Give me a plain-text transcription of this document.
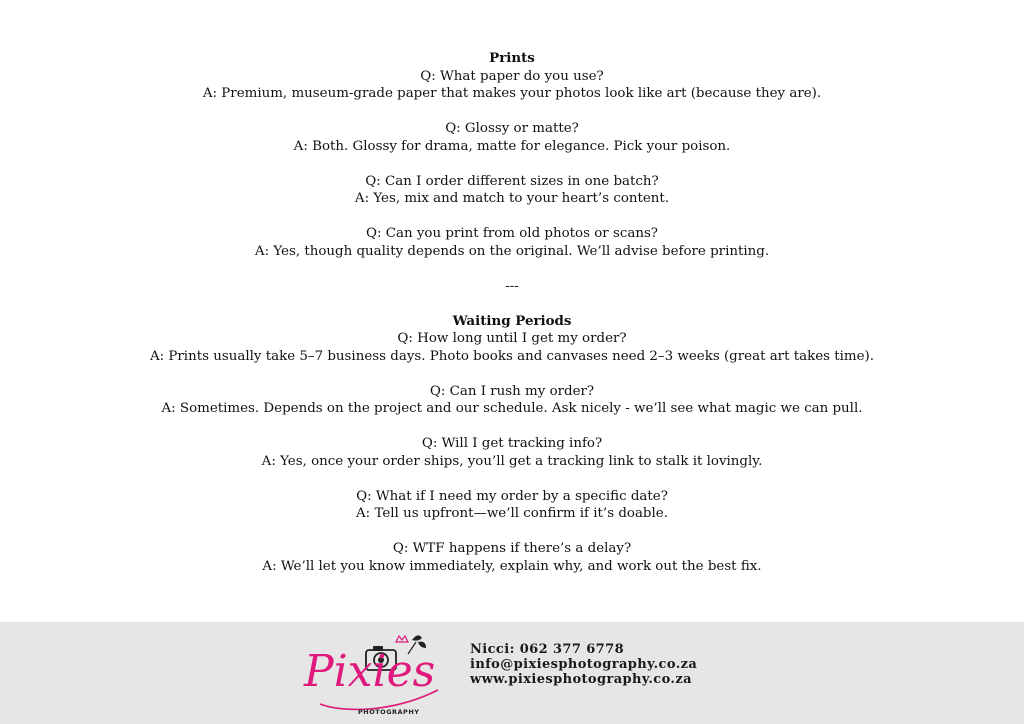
Prints
Q: What paper do you use?
A: Premium, museum-grade paper that makes your photos look like art (because they are).
Q: Glossy or matte?
A: Both. Glossy for drama, matte for elegance. Pick your poison.
Q: Can I order different sizes in one batch?
A: Yes, mix and match to your heart’s content.
Q: Can you print from old photos or scans?
A: Yes, though quality depends on the original. We’ll advise before printing.
---
Waiting Periods
Q: How long until I get my order?
A: Prints usually take 5–7 business days. Photo books and canvases need 2–3 weeks (great art takes time).
Q: Can I rush my order?
A: Sometimes. Depends on the project and our schedule. Ask nicely - we’ll see what magic we can pull.
Q: Will I get tracking info?
A: Yes, once your order ships, you’ll get a tracking link to stalk it lovingly.
Q: What if I need my order by a specific date?
A: Tell us upfront—we’ll confirm if it’s doable.
Q: WTF happens if there’s a delay?
A: We’ll let you know immediately, explain why, and work out the best fix.
Pixies
PHOTOGRAPHY
Nicci: 062 377 6778
info@pixiesphotography.co.za
www.pixiesphotography.co.za
